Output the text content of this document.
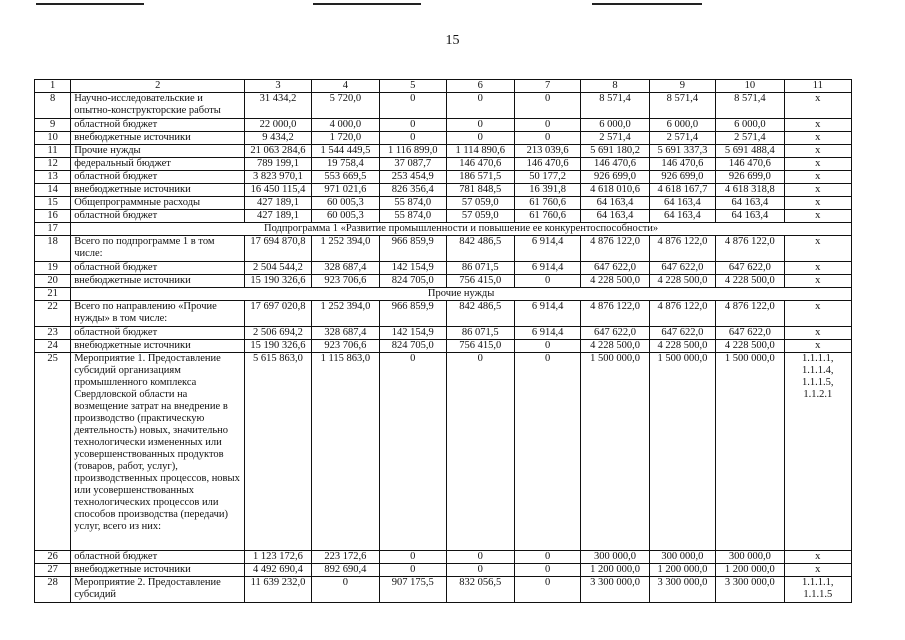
15
1	2	3	4	5	6	7	8	9	10	11
8	Научно-исследовательские и опытно-конструкторские работы	31 434,2	5 720,0	0	0	0	8 571,4	8 571,4	8 571,4	х
9	областной бюджет	22 000,0	4 000,0	0	0	0	6 000,0	6 000,0	6 000,0	х
10	внебюджетные источники	9 434,2	1 720,0	0	0	0	2 571,4	2 571,4	2 571,4	х
11	Прочие нужды	21 063 284,6	1 544 449,5	1 116 899,0	1 114 890,6	213 039,6	5 691 180,2	5 691 337,3	5 691 488,4	х
12	федеральный бюджет	789 199,1	19 758,4	37 087,7	146 470,6	146 470,6	146 470,6	146 470,6	146 470,6	х
13	областной бюджет	3 823 970,1	553 669,5	253 454,9	186 571,5	50 177,2	926 699,0	926 699,0	926 699,0	х
14	внебюджетные источники	16 450 115,4	971 021,6	826 356,4	781 848,5	16 391,8	4 618 010,6	4 618 167,7	4 618 318,8	х
15	Общепрограммные расходы	427 189,1	60 005,3	55 874,0	57 059,0	61 760,6	64 163,4	64 163,4	64 163,4	х
16	областной бюджет	427 189,1	60 005,3	55 874,0	57 059,0	61 760,6	64 163,4	64 163,4	64 163,4	х
17	Подпрограмма 1 «Развитие промышленности и повышение ее конкурентоспособности»									
18	Всего по подпрограмме 1 в том числе:	17 694 870,8	1 252 394,0	966 859,9	842 486,5	6 914,4	4 876 122,0	4 876 122,0	4 876 122,0	х
19	областной бюджет	2 504 544,2	328 687,4	142 154,9	86 071,5	6 914,4	647 622,0	647 622,0	647 622,0	х
20	внебюджетные источники	15 190 326,6	923 706,6	824 705,0	756 415,0	0	4 228 500,0	4 228 500,0	4 228 500,0	х
21	Прочие нужды									
22	Всего по направлению «Прочие нужды» в том числе:	17 697 020,8	1 252 394,0	966 859,9	842 486,5	6 914,4	4 876 122,0	4 876 122,0	4 876 122,0	х
23	областной бюджет	2 506 694,2	328 687,4	142 154,9	86 071,5	6 914,4	647 622,0	647 622,0	647 622,0	х
24	внебюджетные источники	15 190 326,6	923 706,6	824 705,0	756 415,0	0	4 228 500,0	4 228 500,0	4 228 500,0	х
25	Мероприятие 1. Предоставление субсидий организациям промышленного комплекса Свердловской области на возмещение затрат на внедрение в производство (практическую деятельность) новых, значительно технологически измененных или усовершенствованных продуктов (товаров, работ, услуг), производственных процессов, новых или усовершенствованных технологических процессов или способов производства (передачи) услуг, всего из них:	5 615 863,0	1 115 863,0	0	0	0	1 500 000,0	1 500 000,0	1 500 000,0	1.1.1.1, 1.1.1.4, 1.1.1.5, 1.1.2.1
26	областной бюджет	1 123 172,6	223 172,6	0	0	0	300 000,0	300 000,0	300 000,0	х
27	внебюджетные источники	4 492 690,4	892 690,4	0	0	0	1 200 000,0	1 200 000,0	1 200 000,0	х
28	Мероприятие 2. Предоставление субсидий	11 639 232,0	0	907 175,5	832 056,5	0	3 300 000,0	3 300 000,0	3 300 000,0	1.1.1.1, 1.1.1.5
